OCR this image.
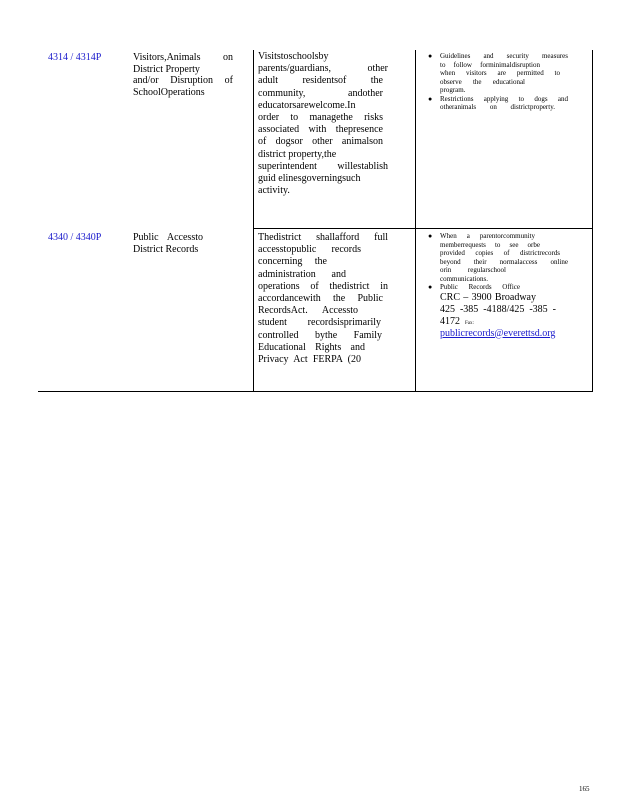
4314 / 4314P	Visitors,Animals on
District Property
and/or Disruption of
SchoolOperations
Visitstoschoolsby
parents/guardians, other
adult residentsof the
community, andother
educatorsarewelcome.In
order to managethe risks
associated with thepresence
of dogsor other animalson
district property,the
superintendent willestablish
guid elinesgoverningsuch
activity.
● Guidelines and security measures
to follow forminimaldisruption
when visitors are permitted to
observe the educational
program.
● Restrictions applying to dogs and
otheranimals on districtproperty.
4340 / 4340P	Public Accessto
District Records
Thedistrict shallafford full
accesstopublic records
concerning the
administration and
operations of thedistrict in
accordancewith the Public
RecordsAct. Accessto
student recordsisprimarily
controlled bythe Family
Educational Rights and
Privacy Act FERPA (20
● When a parentorcommunity
memberrequests to see orbe
provided copies of districtrecords
beyond their normalaccess online
orin regularschool
communications.
● Public Records Office
CRC – 3900 Broadway
425 -385 -4188/425 -385 -
4172 Fax:
publicrecords@everettsd.org
165
